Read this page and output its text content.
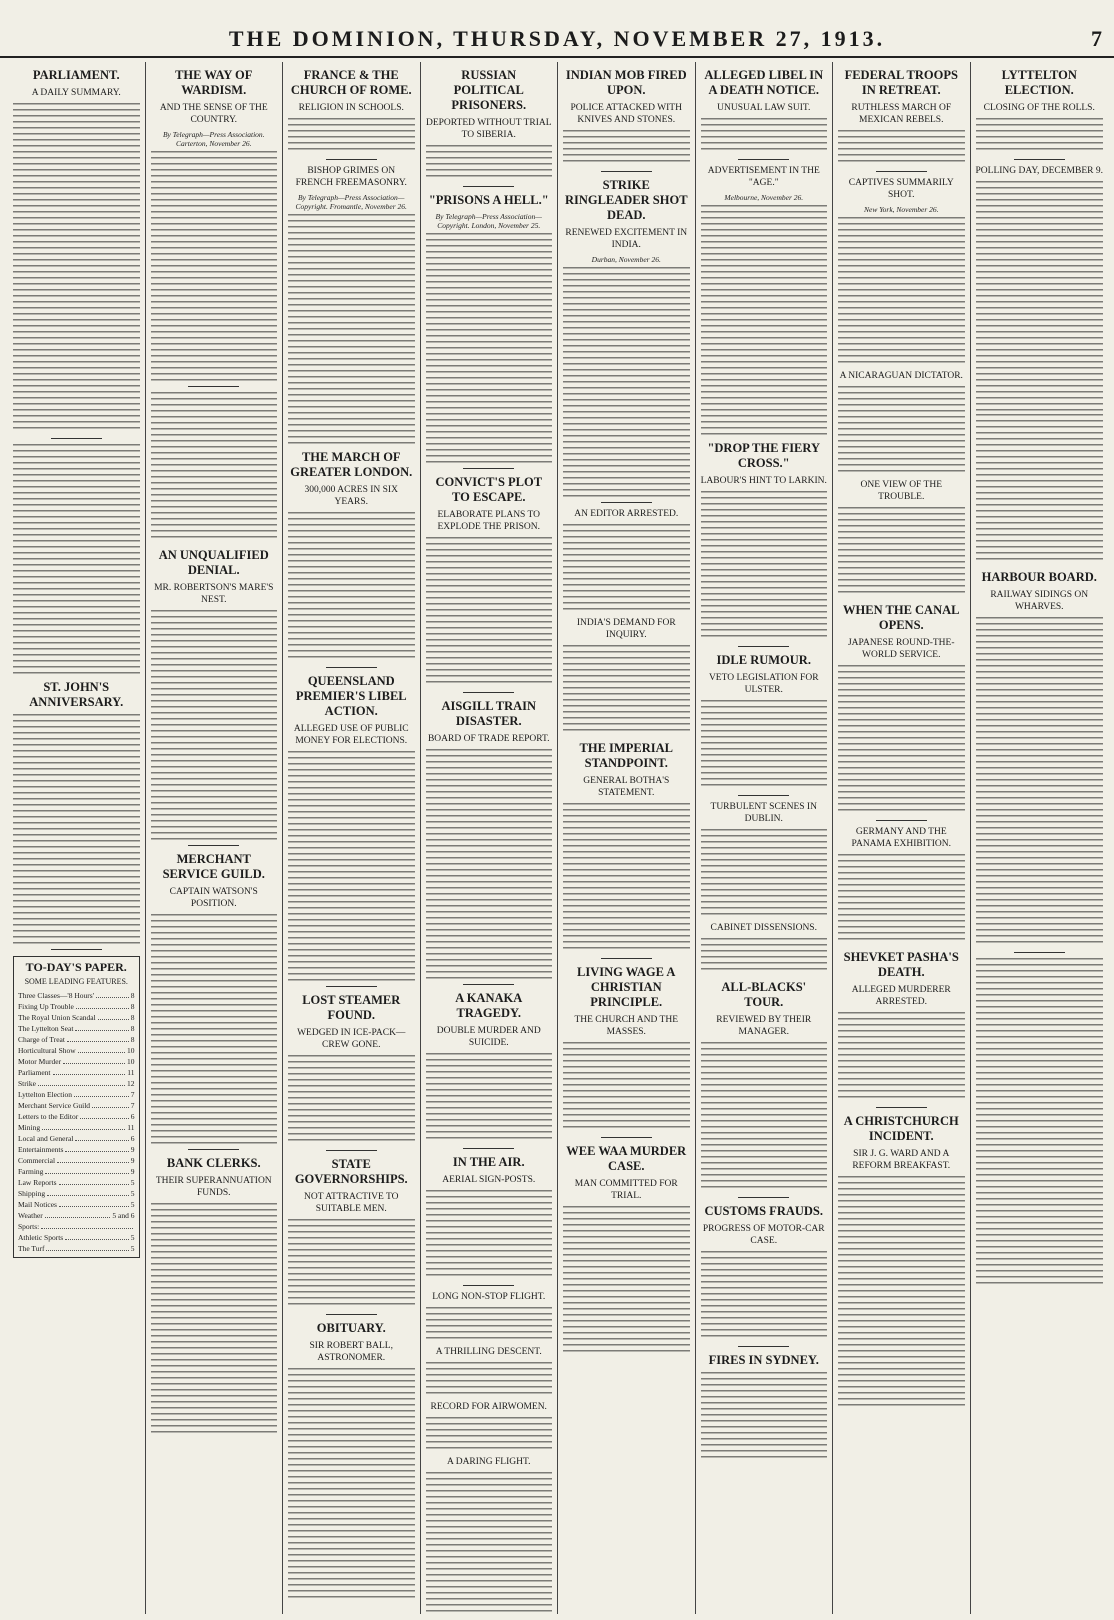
THE DOMINION, THURSDAY, NOVEMBER 27, 1913.	7
PARLIAMENT.
A DAILY SUMMARY.
ST. JOHN'S ANNIVERSARY.
TO-DAY'S PAPER.
SOME LEADING FEATURES.
Three Classes—'8 Hours'	8
Fixing Up Trouble	8
The Royal Union Scandal	8
The Lyttelton Seat	8
Charge of Treat	8
Horticultural Show	10
Motor Murder	10
Parliament	11
Strike	12
Lyttelton Election	7
Merchant Service Guild	7
Letters to the Editor	6
Mining	11
Local and General	6
Entertainments	9
Commercial	9
Farming	9
Law Reports	5
Shipping	5
Mail Notices	5
Weather	5 and 6
Sports:
Athletic Sports	5
The Turf	5
THE WAY OF WARDISM.
AND THE SENSE OF THE COUNTRY.
By Telegraph—Press Association. Carterton, November 26.
AN UNQUALIFIED DENIAL.
MR. ROBERTSON'S MARE'S NEST.
MERCHANT SERVICE GUILD.
CAPTAIN WATSON'S POSITION.
BANK CLERKS.
THEIR SUPERANNUATION FUNDS.
FRANCE & THE CHURCH OF ROME.
RELIGION IN SCHOOLS.
BISHOP GRIMES ON FRENCH FREEMASONRY.
By Telegraph—Press Association—Copyright. Fromantle, November 26.
THE MARCH OF GREATER LONDON.
300,000 ACRES IN SIX YEARS.
QUEENSLAND PREMIER'S LIBEL ACTION.
ALLEGED USE OF PUBLIC MONEY FOR ELECTIONS.
LOST STEAMER FOUND.
WEDGED IN ICE-PACK—CREW GONE.
STATE GOVERNORSHIPS.
NOT ATTRACTIVE TO SUITABLE MEN.
OBITUARY.
SIR ROBERT BALL, ASTRONOMER.
RUSSIAN POLITICAL PRISONERS.
DEPORTED WITHOUT TRIAL TO SIBERIA.
"PRISONS A HELL."
By Telegraph—Press Association—Copyright. London, November 25.
CONVICT'S PLOT TO ESCAPE.
ELABORATE PLANS TO EXPLODE THE PRISON.
AISGILL TRAIN DISASTER.
BOARD OF TRADE REPORT.
A KANAKA TRAGEDY.
DOUBLE MURDER AND SUICIDE.
IN THE AIR.
AERIAL SIGN-POSTS.
LONG NON-STOP FLIGHT.
A THRILLING DESCENT.
RECORD FOR AIRWOMEN.
A DARING FLIGHT.
INDIAN MOB FIRED UPON.
POLICE ATTACKED WITH KNIVES AND STONES.
STRIKE RINGLEADER SHOT DEAD.
RENEWED EXCITEMENT IN INDIA.
Durban, November 26.
AN EDITOR ARRESTED.
INDIA'S DEMAND FOR INQUIRY.
THE IMPERIAL STANDPOINT.
GENERAL BOTHA'S STATEMENT.
LIVING WAGE A CHRISTIAN PRINCIPLE.
THE CHURCH AND THE MASSES.
WEE WAA MURDER CASE.
MAN COMMITTED FOR TRIAL.
ALLEGED LIBEL IN A DEATH NOTICE.
UNUSUAL LAW SUIT.
ADVERTISEMENT IN THE "AGE."
Melbourne, November 26.
"DROP THE FIERY CROSS."
LABOUR'S HINT TO LARKIN.
IDLE RUMOUR.
VETO LEGISLATION FOR ULSTER.
TURBULENT SCENES IN DUBLIN.
CABINET DISSENSIONS.
ALL-BLACKS' TOUR.
REVIEWED BY THEIR MANAGER.
CUSTOMS FRAUDS.
PROGRESS OF MOTOR-CAR CASE.
FIRES IN SYDNEY.
FEDERAL TROOPS IN RETREAT.
RUTHLESS MARCH OF MEXICAN REBELS.
CAPTIVES SUMMARILY SHOT.
New York, November 26.
A NICARAGUAN DICTATOR.
ONE VIEW OF THE TROUBLE.
WHEN THE CANAL OPENS.
JAPANESE ROUND-THE-WORLD SERVICE.
GERMANY AND THE PANAMA EXHIBITION.
SHEVKET PASHA'S DEATH.
ALLEGED MURDERER ARRESTED.
A CHRISTCHURCH INCIDENT.
SIR J. G. WARD AND A REFORM BREAKFAST.
LYTTELTON ELECTION.
CLOSING OF THE ROLLS.
POLLING DAY, DECEMBER 9.
HARBOUR BOARD.
RAILWAY SIDINGS ON WHARVES.
